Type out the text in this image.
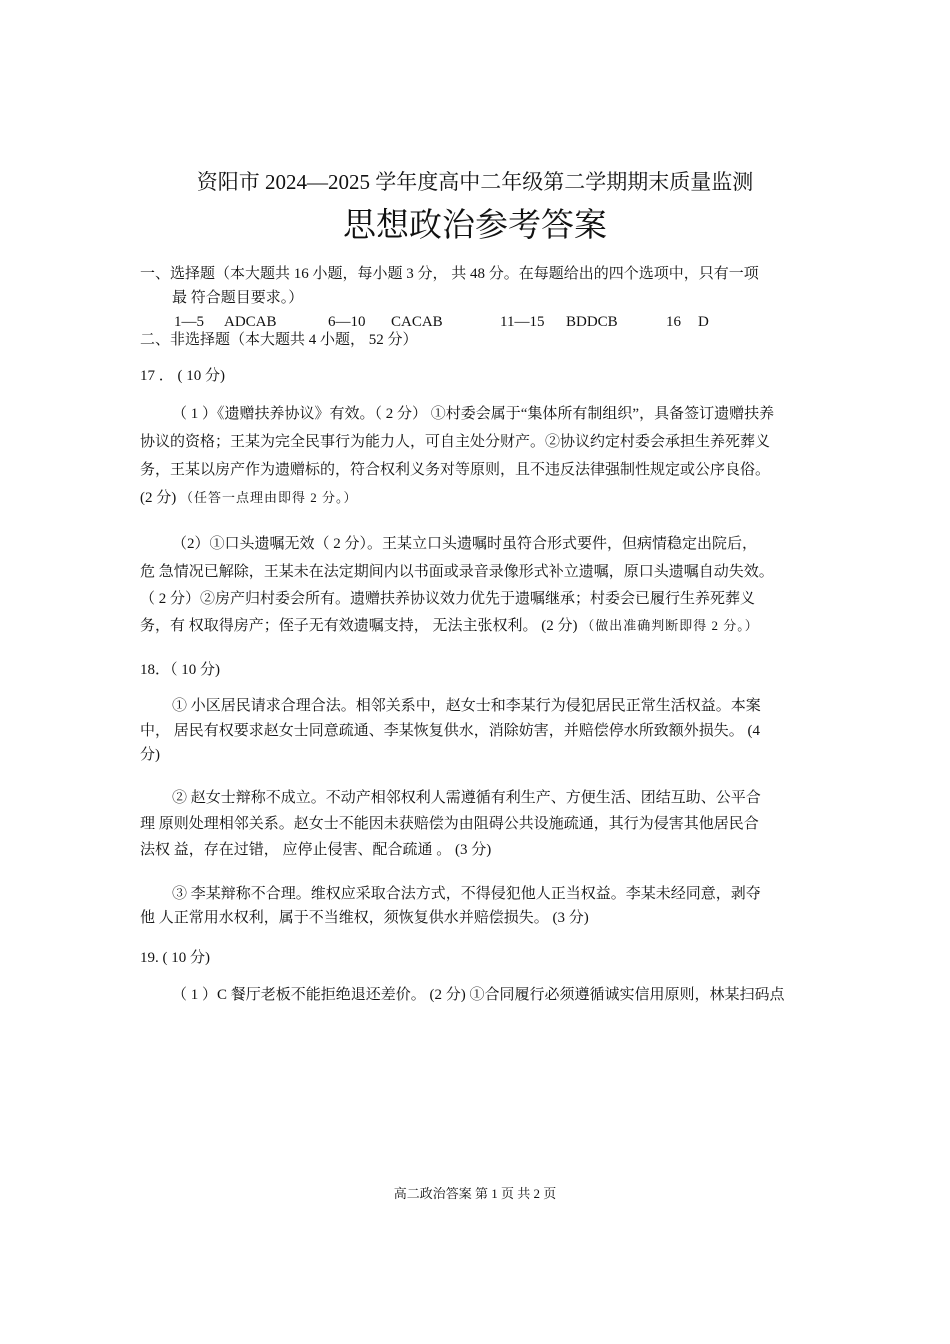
资阳市 2024—2025 学年度高中二年级第二学期期末质量监测
思想政治参考答案
一、选择题（本大题共 16 小题，每小题 3 分， 共 48 分。在每题给出的四个选项中，只有一项
最 符合题目要求。）
1—5 ADCAB	6—10 CACAB	11—15 BDDCB	16 D
二、非选择题（本大题共 4 小题， 52 分）
17 ． ( 10 分)
（ 1 ）《遗赠扶养协议》有效。（ 2 分） ①村委会属于“集体所有制组织”，具备签订遗赠扶养
协议的资格；王某为完全民事行为能力人，可自主处分财产。②协议约定村委会承担生养死葬义
务，王某以房产作为遗赠标的，符合权利义务对等原则，且不违反法律强制性规定或公序良俗。
(2 分) （任答一点理由即得 2 分。）
（2）①口头遗嘱无效（ 2 分）。王某立口头遗嘱时虽符合形式要件，但病情稳定出院后，
危 急情况已解除，王某未在法定期间内以书面或录音录像形式补立遗嘱，原口头遗嘱自动失效。
（ 2 分）②房产归村委会所有。遗赠扶养协议效力优先于遗嘱继承；村委会已履行生养死葬义
务，有 权取得房产；侄子无有效遗嘱支持， 无法主张权利。 (2 分) （做出准确判断即得 2 分。）
18．（ 10 分)
① 小区居民请求合理合法。相邻关系中，赵女士和李某行为侵犯居民正常生活权益。本案
中， 居民有权要求赵女士同意疏通、李某恢复供水，消除妨害，并赔偿停水所致额外损失。 (4
分)
② 赵女士辩称不成立。不动产相邻权利人需遵循有利生产、方便生活、团结互助、公平合
理 原则处理相邻关系。赵女士不能因未获赔偿为由阻碍公共设施疏通，其行为侵害其他居民合
法权 益，存在过错， 应停止侵害、配合疏通 。 (3 分)
③ 李某辩称不合理。维权应采取合法方式，不得侵犯他人正当权益。李某未经同意，剥夺
他 人正常用水权利，属于不当维权，须恢复供水并赔偿损失。 (3 分)
19. ( 10 分)
（ 1 ）C 餐厅老板不能拒绝退还差价。 (2 分) ①合同履行必须遵循诚实信用原则，林某扫码点
高二政治答案 第 1 页 共 2 页
